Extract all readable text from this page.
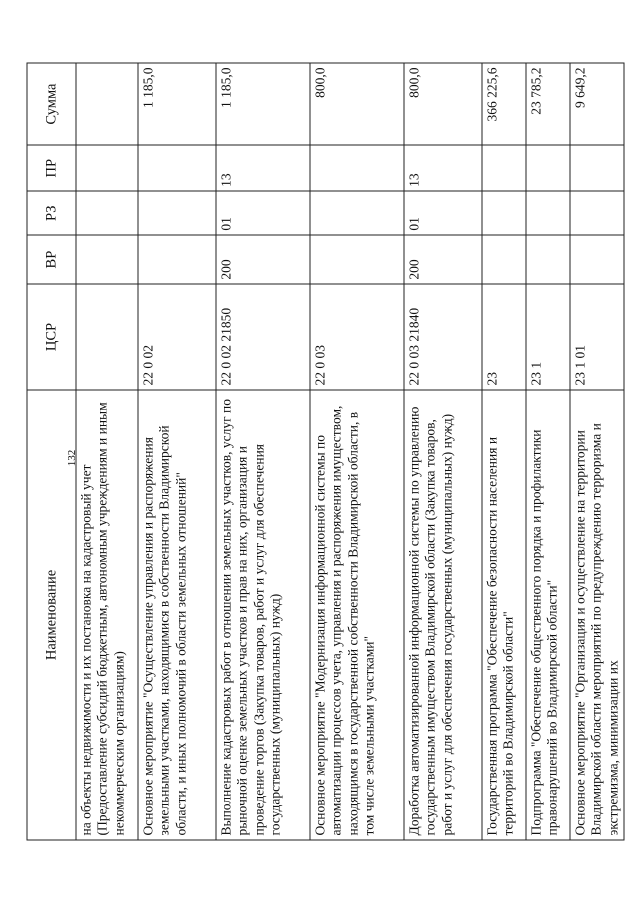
132
Наименование	ЦСР	ВР	РЗ	ПР	Сумма
на объекты недвижимости и их постановка на кадастровый учет (Предоставление субсидий бюджетным, автономным учреждениям и иным некоммерческим организациям)					
Основное мероприятие "Осуществление управления и распоряжения земельными участками, находящимися в собственности Владимирской области, и иных полномочий в области земельных отношений"	22 0 02				1 185,0
Выполнение кадастровых работ в отношении земельных участков, услуг по рыночной оценке земельных участков и прав на них, организация и проведение торгов (Закупка товаров, работ и услуг для обеспечения государственных (муниципальных) нужд)	22 0 02 21850	200	01	13	1 185,0
Основное мероприятие "Модернизация информационной системы по автоматизации процессов учета, управления и распоряжения имуществом, находящимся в государственной собственности Владимирской области, в том числе земельными участками"	22 0 03				800,0
Доработка автоматизированной информационной системы по управлению государственным имуществом Владимирской области (Закупка товаров, работ и услуг для обеспечения государственных (муниципальных) нужд)	22 0 03 21840	200	01	13	800,0
Государственная программа "Обеспечение безопасности населения и территорий во Владимирской области"	23				366 225,6
Подпрограмма "Обеспечение общественного порядка и профилактики правонарушений во Владимирской области"	23 1				23 785,2
Основное мероприятие "Организация и осуществление на территории Владимирской области мероприятий по предупреждению терроризма и экстремизма, минимизации их	23 1 01				9 649,2
